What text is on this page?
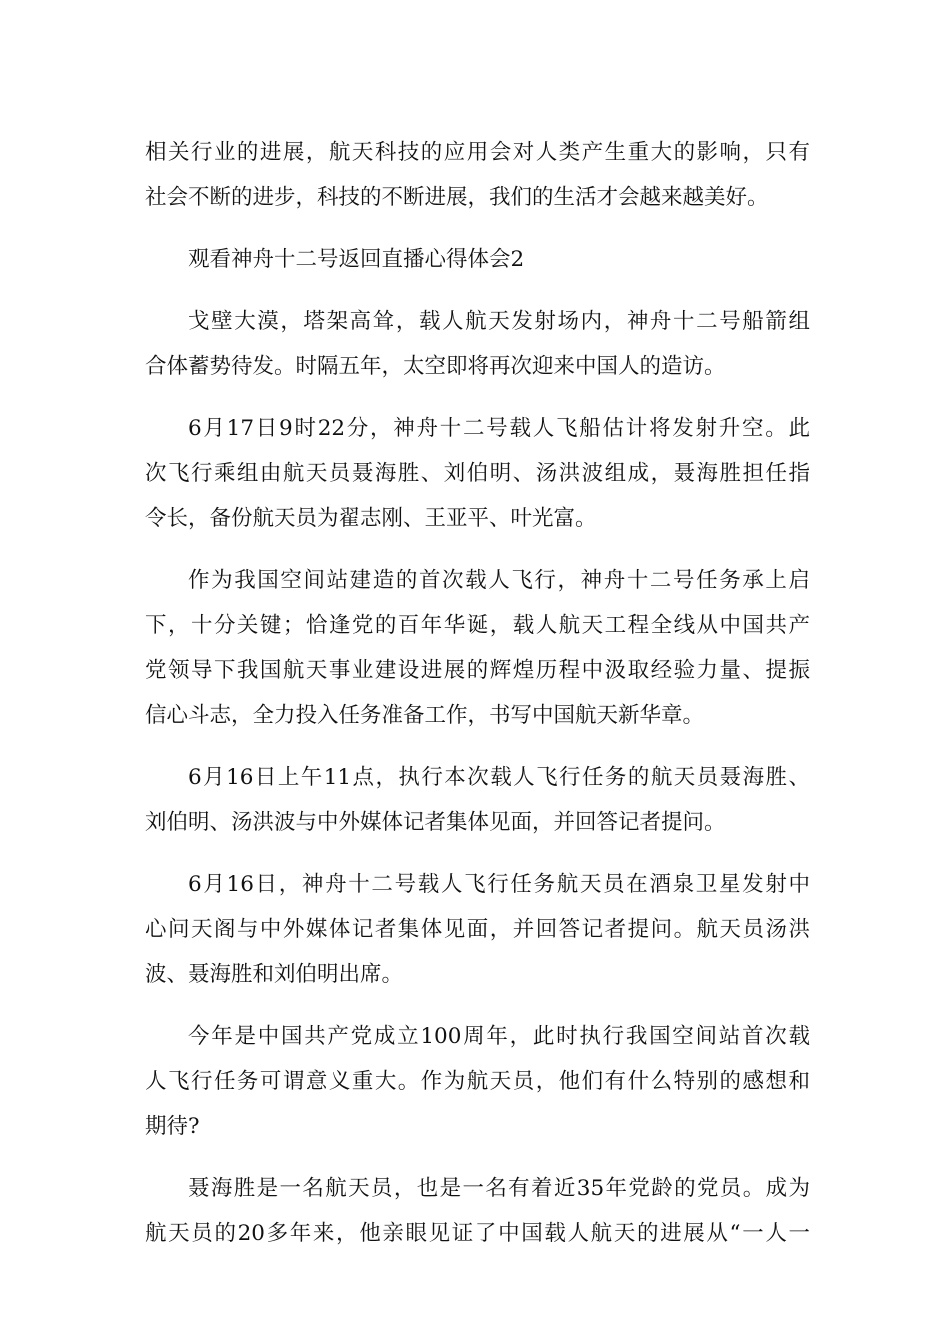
相关行业的进展，航天科技的应用会对人类产生重大的影响，只有
社会不断的进步，科技的不断进展，我们的生活才会越来越美好。
观看神舟十二号返回直播心得体会2
戈壁大漠，塔架高耸，载人航天发射场内，神舟十二号船箭组
合体蓄势待发。时隔五年，太空即将再次迎来中国人的造访。
6月17日9时22分，神舟十二号载人飞船估计将发射升空。此
次飞行乘组由航天员聂海胜、刘伯明、汤洪波组成，聂海胜担任指
令长，备份航天员为翟志刚、王亚平、叶光富。
作为我国空间站建造的首次载人飞行，神舟十二号任务承上启
下，十分关键；恰逢党的百年华诞，载人航天工程全线从中国共产
党领导下我国航天事业建设进展的辉煌历程中汲取经验力量、提振
信心斗志，全力投入任务准备工作，书写中国航天新华章。
6月16日上午11点，执行本次载人飞行任务的航天员聂海胜、
刘伯明、汤洪波与中外媒体记者集体见面，并回答记者提问。
6月16日，神舟十二号载人飞行任务航天员在酒泉卫星发射中
心问天阁与中外媒体记者集体见面，并回答记者提问。航天员汤洪
波、聂海胜和刘伯明出席。
今年是中国共产党成立100周年，此时执行我国空间站首次载
人飞行任务可谓意义重大。作为航天员，他们有什么特别的感想和
期待?
聂海胜是一名航天员，也是一名有着近35年党龄的党员。成为
航天员的20多年来，他亲眼见证了中国载人航天的进展从“一人一
